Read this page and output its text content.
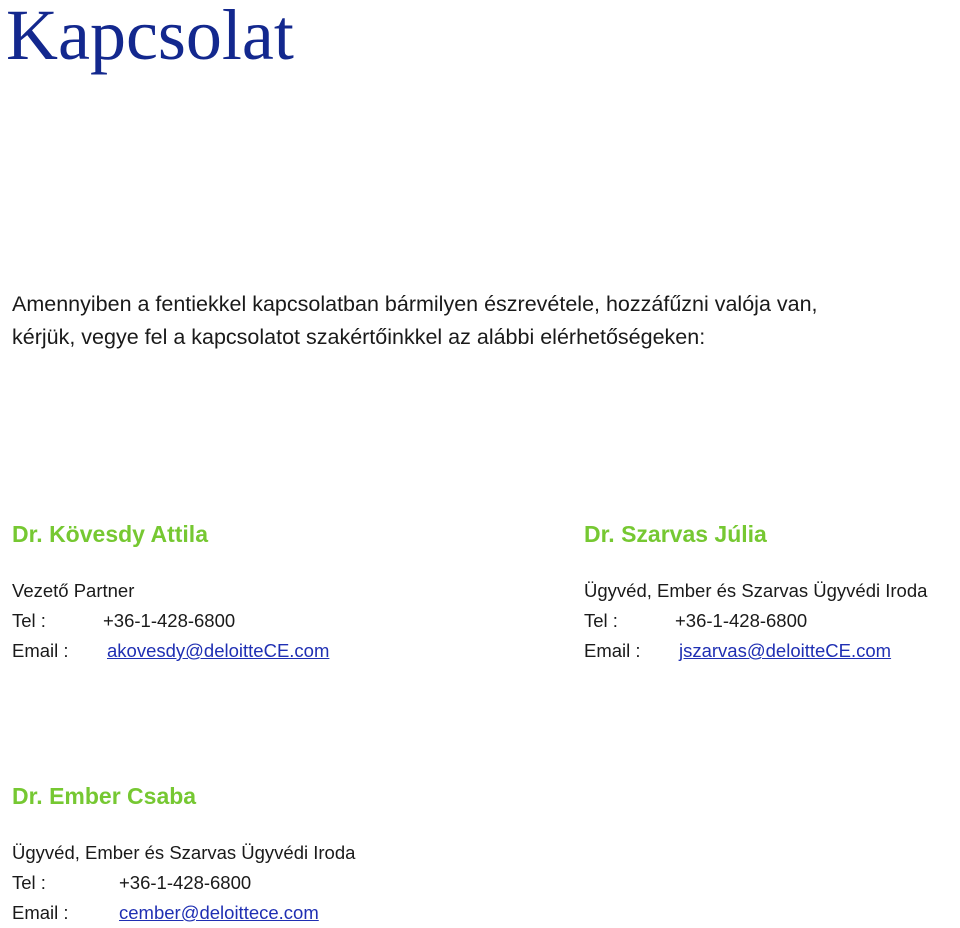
Kapcsolat
Amennyiben a fentiekkel kapcsolatban bármilyen észrevétele, hozzáfűzni valója van,
kérjük, vegye fel a kapcsolatot szakértőinkkel az alábbi elérhetőségeken:
Dr. Kövesdy Attila
Vezető Partner
Tel :	+36-1-428-6800
Email : akovesdy@deloitteCE.com
Dr. Szarvas Júlia
Ügyvéd, Ember és Szarvas Ügyvédi Iroda
Tel :	+36-1-428-6800
Email : jszarvas@deloitteCE.com
Dr. Ember Csaba
Ügyvéd, Ember és Szarvas Ügyvédi Iroda
Tel :	+36-1-428-6800
Email :	cember@deloittece.com
